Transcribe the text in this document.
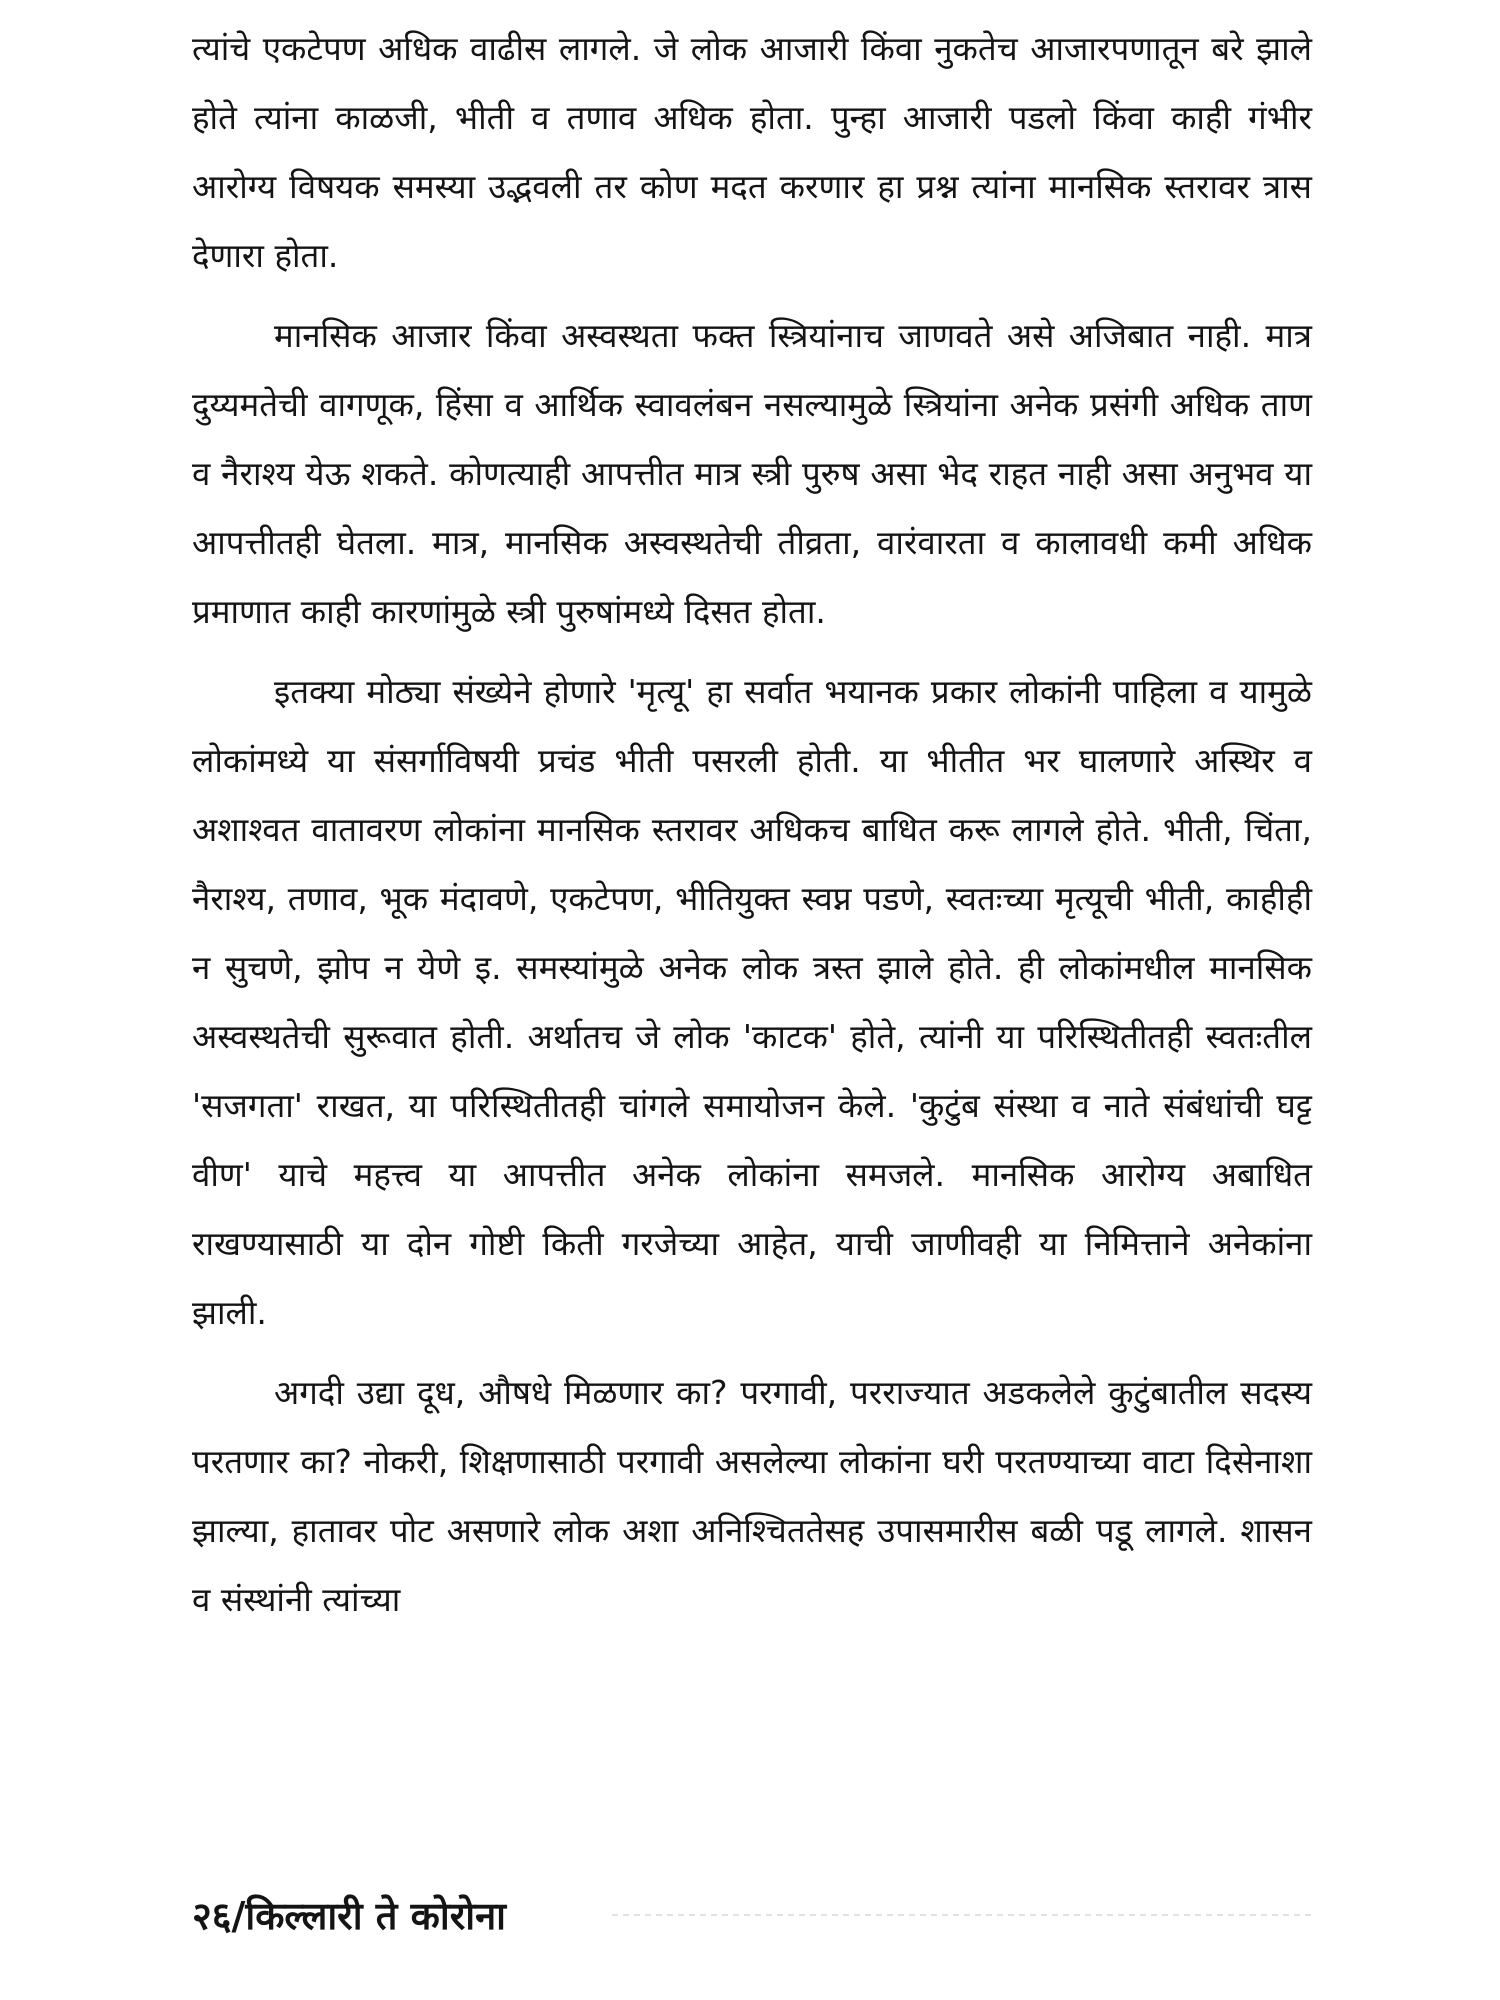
त्यांचे एकटेपण अधिक वाढीस लागले. जे लोक आजारी किंवा नुकतेच आजारपणातून बरे झाले होते त्यांना काळजी, भीती व तणाव अधिक होता. पुन्हा आजारी पडलो किंवा काही गंभीर आरोग्य विषयक समस्या उद्भवली तर कोण मदत करणार हा प्रश्न त्यांना मानसिक स्तरावर त्रास देणारा होता.

मानसिक आजार किंवा अस्वस्थता फक्त स्त्रियांनाच जाणवते असे अजिबात नाही. मात्र दुय्यमतेची वागणूक, हिंसा व आर्थिक स्वावलंबन नसल्यामुळे स्त्रियांना अनेक प्रसंगी अधिक ताण व नैराश्य येऊ शकते. कोणत्याही आपत्तीत मात्र स्त्री पुरुष असा भेद राहत नाही असा अनुभव या आपत्तीतही घेतला. मात्र, मानसिक अस्वस्थतेची तीव्रता, वारंवारता व कालावधी कमी अधिक प्रमाणात काही कारणांमुळे स्त्री पुरुषांमध्ये दिसत होता.

इतक्या मोठ्या संख्येने होणारे 'मृत्यू' हा सर्वात भयानक प्रकार लोकांनी पाहिला व यामुळे लोकांमध्ये या संसर्गाविषयी प्रचंड भीती पसरली होती. या भीतीत भर घालणारे अस्थिर व अशाश्वत वातावरण लोकांना मानसिक स्तरावर अधिकच बाधित करू लागले होते. भीती, चिंता, नैराश्य, तणाव, भूक मंदावणे, एकटेपण, भीतियुक्त स्वप्न पडणे, स्वतःच्या मृत्यूची भीती, काहीही न सुचणे, झोप न येणे इ. समस्यांमुळे अनेक लोक त्रस्त झाले होते. ही लोकांमधील मानसिक अस्वस्थतेची सुरूवात होती. अर्थातच जे लोक 'काटक' होते, त्यांनी या परिस्थितीतही स्वतःतील 'सजगता' राखत, या परिस्थितीतही चांगले समायोजन केले. 'कुटुंब संस्था व नाते संबंधांची घट्ट वीण' याचे महत्त्व या आपत्तीत अनेक लोकांना समजले. मानसिक आरोग्य अबाधित राखण्यासाठी या दोन गोष्टी किती गरजेच्या आहेत, याची जाणीवही या निमित्ताने अनेकांना झाली.

अगदी उद्या दूध, औषधे मिळणार का? परगावी, परराज्यात अडकलेले कुटुंबातील सदस्य परतणार का? नोकरी, शिक्षणासाठी परगावी असलेल्या लोकांना घरी परतण्याच्या वाटा दिसेनाशा झाल्या, हातावर पोट असणारे लोक अशा अनिश्चिततेसह उपासमारीस बळी पडू लागले. शासन व संस्थांनी त्यांच्या

२६/किल्लारी ते कोरोना
